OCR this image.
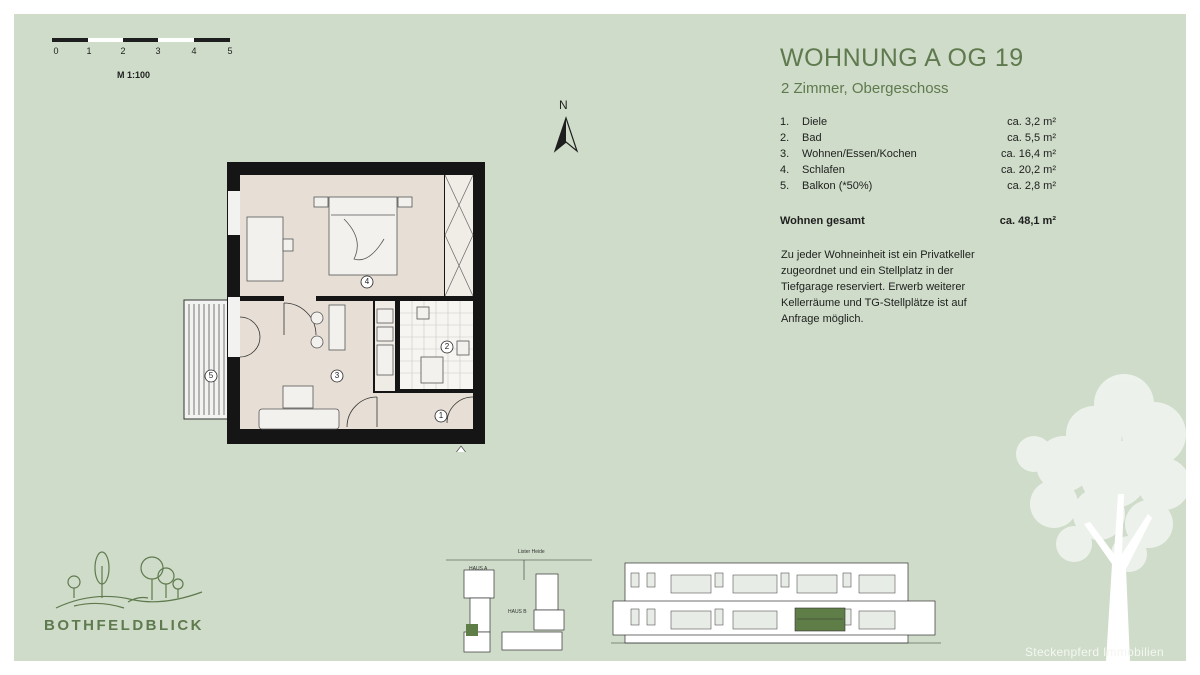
0	1	2	3	4	5
M 1:100
N
4
2
3
1
5
WOHNUNG A OG 19
2 Zimmer, Obergeschoss
1. Diele	ca. 3,2 m²
2. Bad	ca. 5,5 m²
3. Wohnen/Essen/Kochen	ca. 16,4 m²
4. Schlafen	ca. 20,2 m²
5. Balkon (*50%)	ca. 2,8 m²
Wohnen gesamt	ca. 48,1 m²
Zu jeder Wohneinheit ist ein Privatkeller zugeordnet und ein Stellplatz in der Tiefgarage reserviert. Erwerb weiterer Kellerräume und TG-Stellplätze ist auf Anfrage möglich.
BOTHFELDBLICK
Lister Heide
HAUS A
HAUS B
Steckenpferd Immobilien
